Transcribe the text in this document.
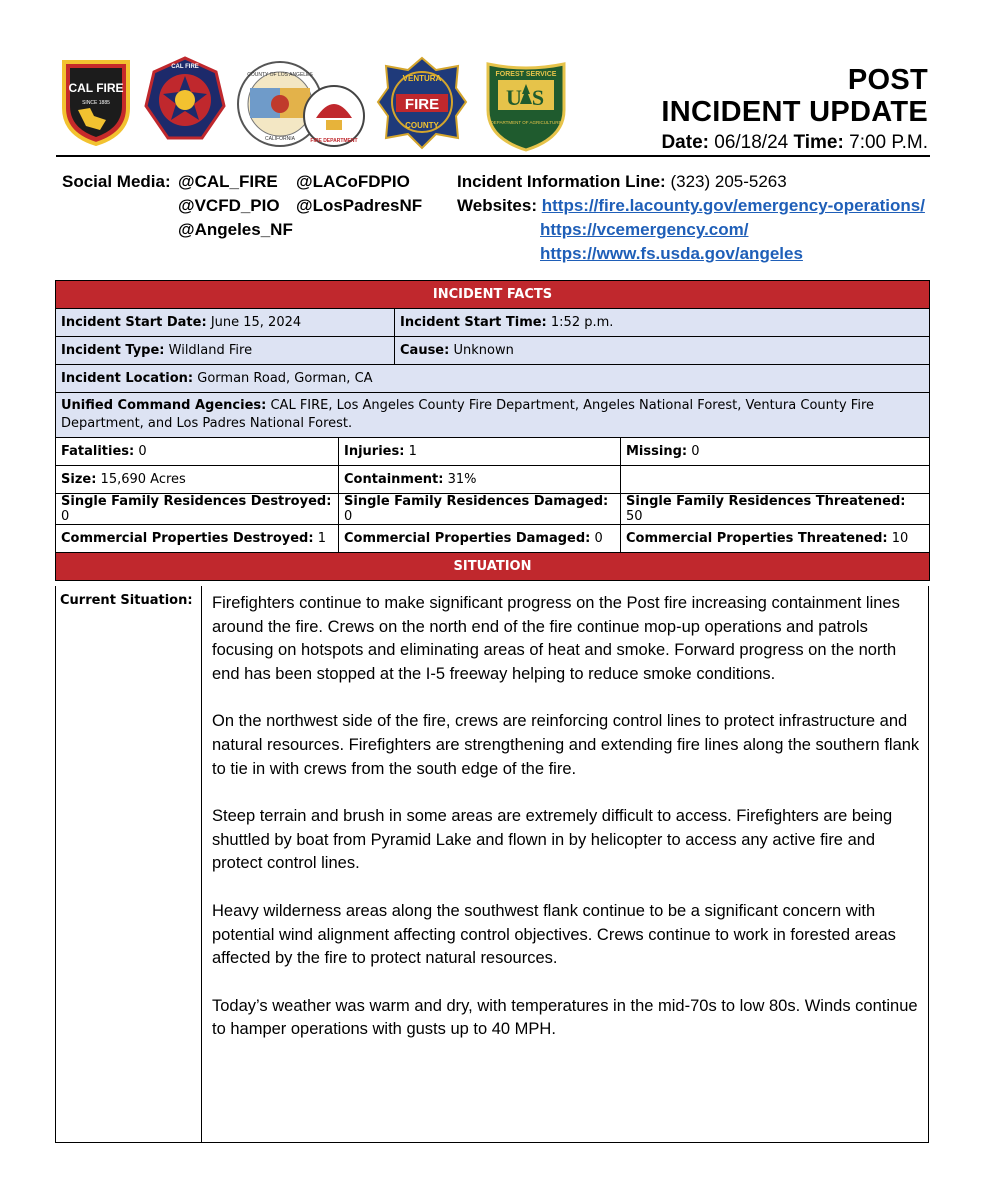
CAL FIRE
SINCE 1885
CAL FIRE
COUNTY OF LOS ANGELES
CALIFORNIA	FIRE DEPARTMENT
VENTURA
FIRE
COUNTY
FOREST SERVICE
U S
DEPARTMENT OF AGRICULTURE
POST
INCIDENT UPDATE
Date: 06/18/24 Time: 7:00 P.M.
Social Media: @CAL_FIRE @LACoFDPIO
@VCFD_PIO @LosPadresNF
@Angeles_NF
Incident Information Line: (323) 205-5263
Websites: https://fire.lacounty.gov/emergency-operations/
https://vcemergency.com/
https://www.fs.usda.gov/angeles
INCIDENT FACTS			
Incident Start Date: June 15, 2024		Incident Start Time: 1:52 p.m.	
Incident Type: Wildland Fire		Cause: Unknown	
Incident Location: Gorman Road, Gorman, CA			
Unified Command Agencies: CAL FIRE, Los Angeles County Fire Department, Angeles National Forest, Ventura County Fire Department, and Los Padres National Forest.			
Fatalities: 0	Injuries: 1		Missing: 0
Size: 15,690 Acres	Containment: 31%		
Single Family Residences Destroyed: 0	Single Family Residences Damaged: 0		Single Family Residences Threatened: 50
Commercial Properties Destroyed: 1	Commercial Properties Damaged: 0		Commercial Properties Threatened: 10
SITUATION			
Current Situation: Firefighters continue to make significant progress on the Post fire increasing containment lines around the fire. Crews on the north end of the fire continue mop-up operations and patrols focusing on hotspots and eliminating areas of heat and smoke. Forward progress on the north end has been stopped at the I-5 freeway helping to reduce smoke conditions.

On the northwest side of the fire, crews are reinforcing control lines to protect infrastructure and natural resources. Firefighters are strengthening and extending fire lines along the southern flank to tie in with crews from the south edge of the fire.

Steep terrain and brush in some areas are extremely difficult to access. Firefighters are being shuttled by boat from Pyramid Lake and flown in by helicopter to access any active fire and protect control lines.

Heavy wilderness areas along the southwest flank continue to be a significant concern with potential wind alignment affecting control objectives. Crews continue to work in forested areas affected by the fire to protect natural resources.

Today’s weather was warm and dry, with temperatures in the mid-70s to low 80s. Winds continue to hamper operations with gusts up to 40 MPH.
